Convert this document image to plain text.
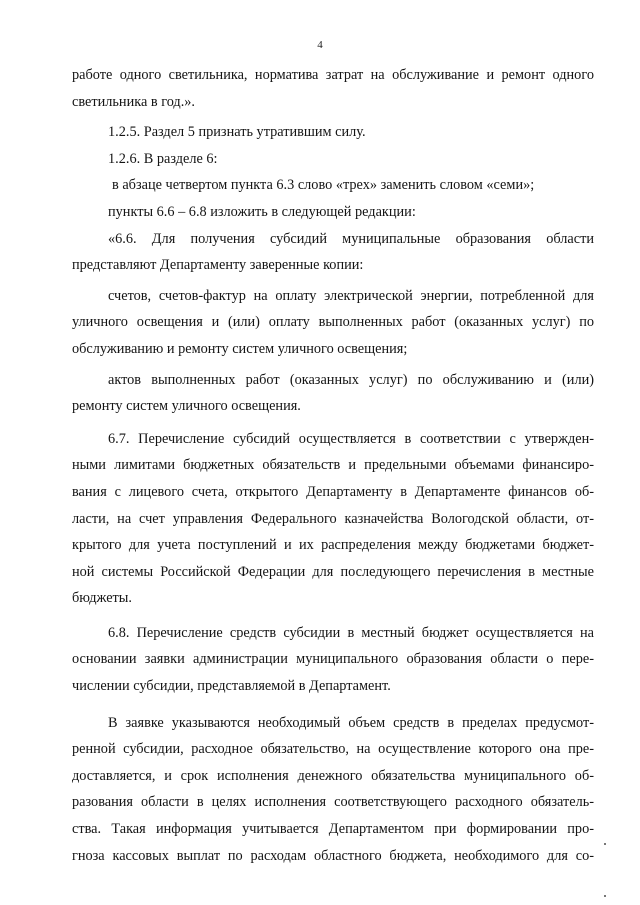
4

работе одного светильника, норматива затрат на обслуживание и ремонт одного

светильника в год.».

1.2.5. Раздел 5 признать утратившим силу.

1.2.6. В разделе 6:

в абзаце четвертом пункта 6.3 слово «трех» заменить словом «семи»;

пункты 6.6 – 6.8 изложить в следующей редакции:

«6.6. Для получения субсидий муниципальные образования области

представляют Департаменту заверенные копии:

счетов, счетов-фактур на оплату электрической энергии, потребленной для

уличного освещения и (или) оплату выполненных работ (оказанных услуг) по

обслуживанию и ремонту систем уличного освещения;

актов выполненных работ (оказанных услуг) по обслуживанию и (или)

ремонту систем уличного освещения.

6.7. Перечисление субсидий осуществляется в соответствии с утвержден-

ными лимитами бюджетных обязательств и предельными объемами финансиро-

вания с лицевого счета, открытого Департаменту в Департаменте финансов об-

ласти, на счет управления Федерального казначейства Вологодской области, от-

крытого для учета поступлений и их распределения между бюджетами бюджет-

ной системы Российской Федерации для последующего перечисления в местные

бюджеты.

6.8. Перечисление средств субсидии в местный бюджет осуществляется на

основании заявки администрации муниципального образования области о пере-

числении субсидии, представляемой в Департамент.

В заявке указываются необходимый объем средств в пределах предусмот-

ренной субсидии, расходное обязательство, на осуществление которого она пре-

доставляется, и срок исполнения денежного обязательства муниципального об-

разования области в целях исполнения соответствующего расходного обязатель-

ства. Такая информация учитывается Департаментом при формировании про-

гноза кассовых выплат по расходам областного бюджета, необходимого для со-
